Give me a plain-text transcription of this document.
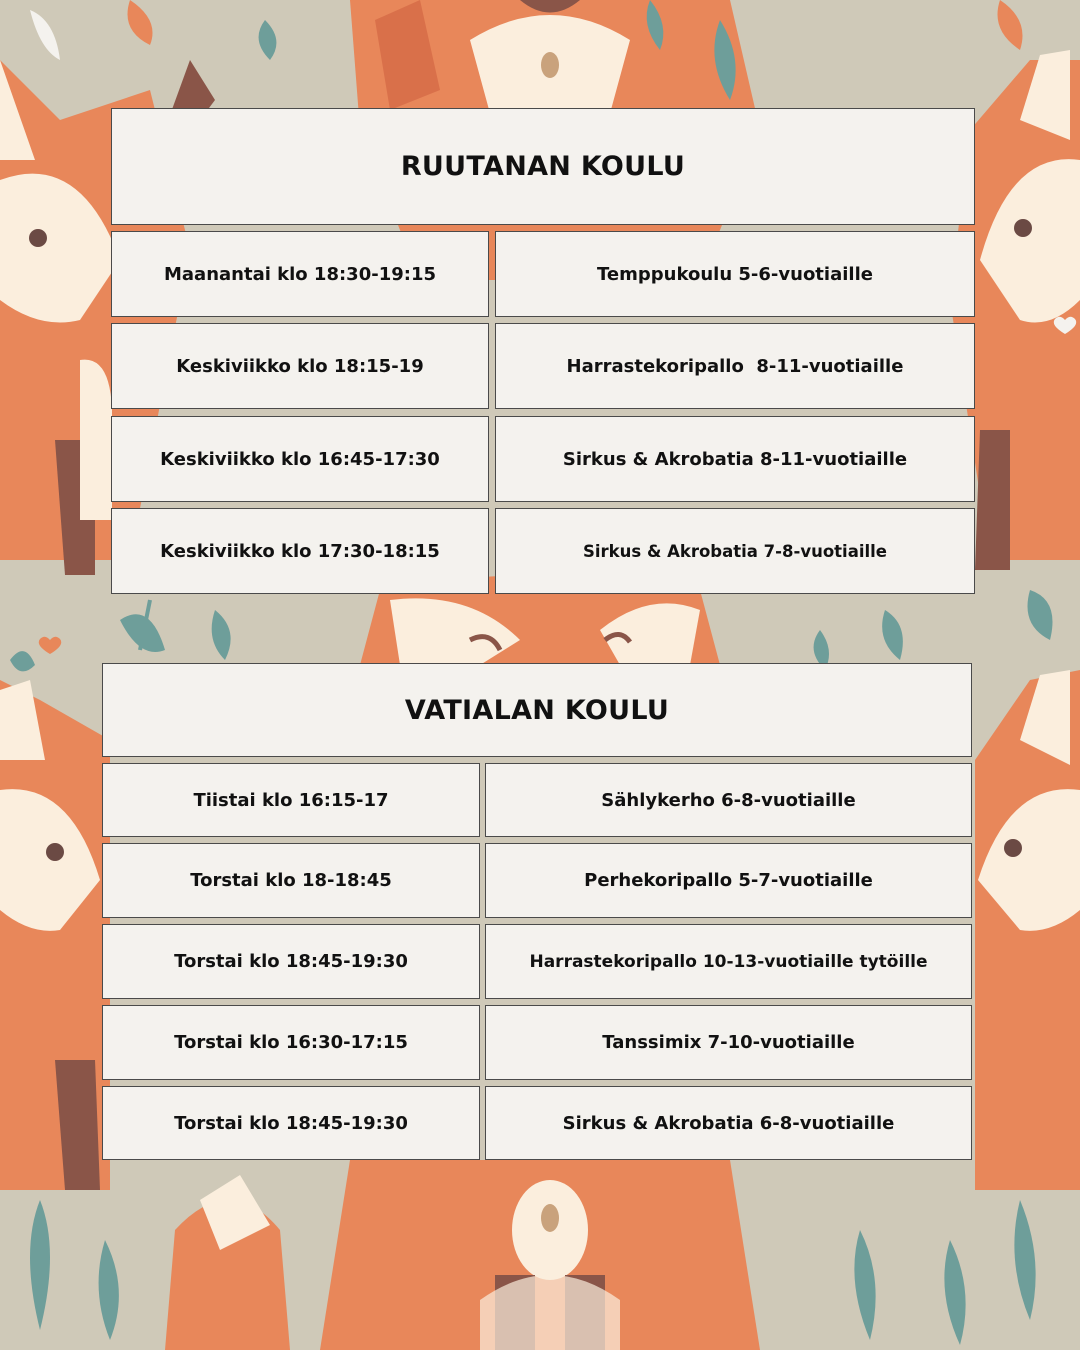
RUUTANAN KOULU
Maanantai klo 18:30-19:15	Temppukoulu 5-6-vuotiaille
Keskiviikko klo 18:15-19	Harrastekoripallo  8-11-vuotiaille
Keskiviikko klo 16:45-17:30	Sirkus & Akrobatia 8-11-vuotiaille
Keskiviikko klo 17:30-18:15	Sirkus & Akrobatia 7-8-vuotiaille
VATIALAN KOULU
Tiistai klo 16:15-17	Sählykerho 6-8-vuotiaille
Torstai klo 18-18:45	Perhekoripallo 5-7-vuotiaille
Torstai klo 18:45-19:30	Harrastekoripallo 10-13-vuotiaille tytöille
Torstai klo 16:30-17:15	Tanssimix 7-10-vuotiaille
Torstai klo 18:45-19:30	Sirkus & Akrobatia 6-8-vuotiaille
